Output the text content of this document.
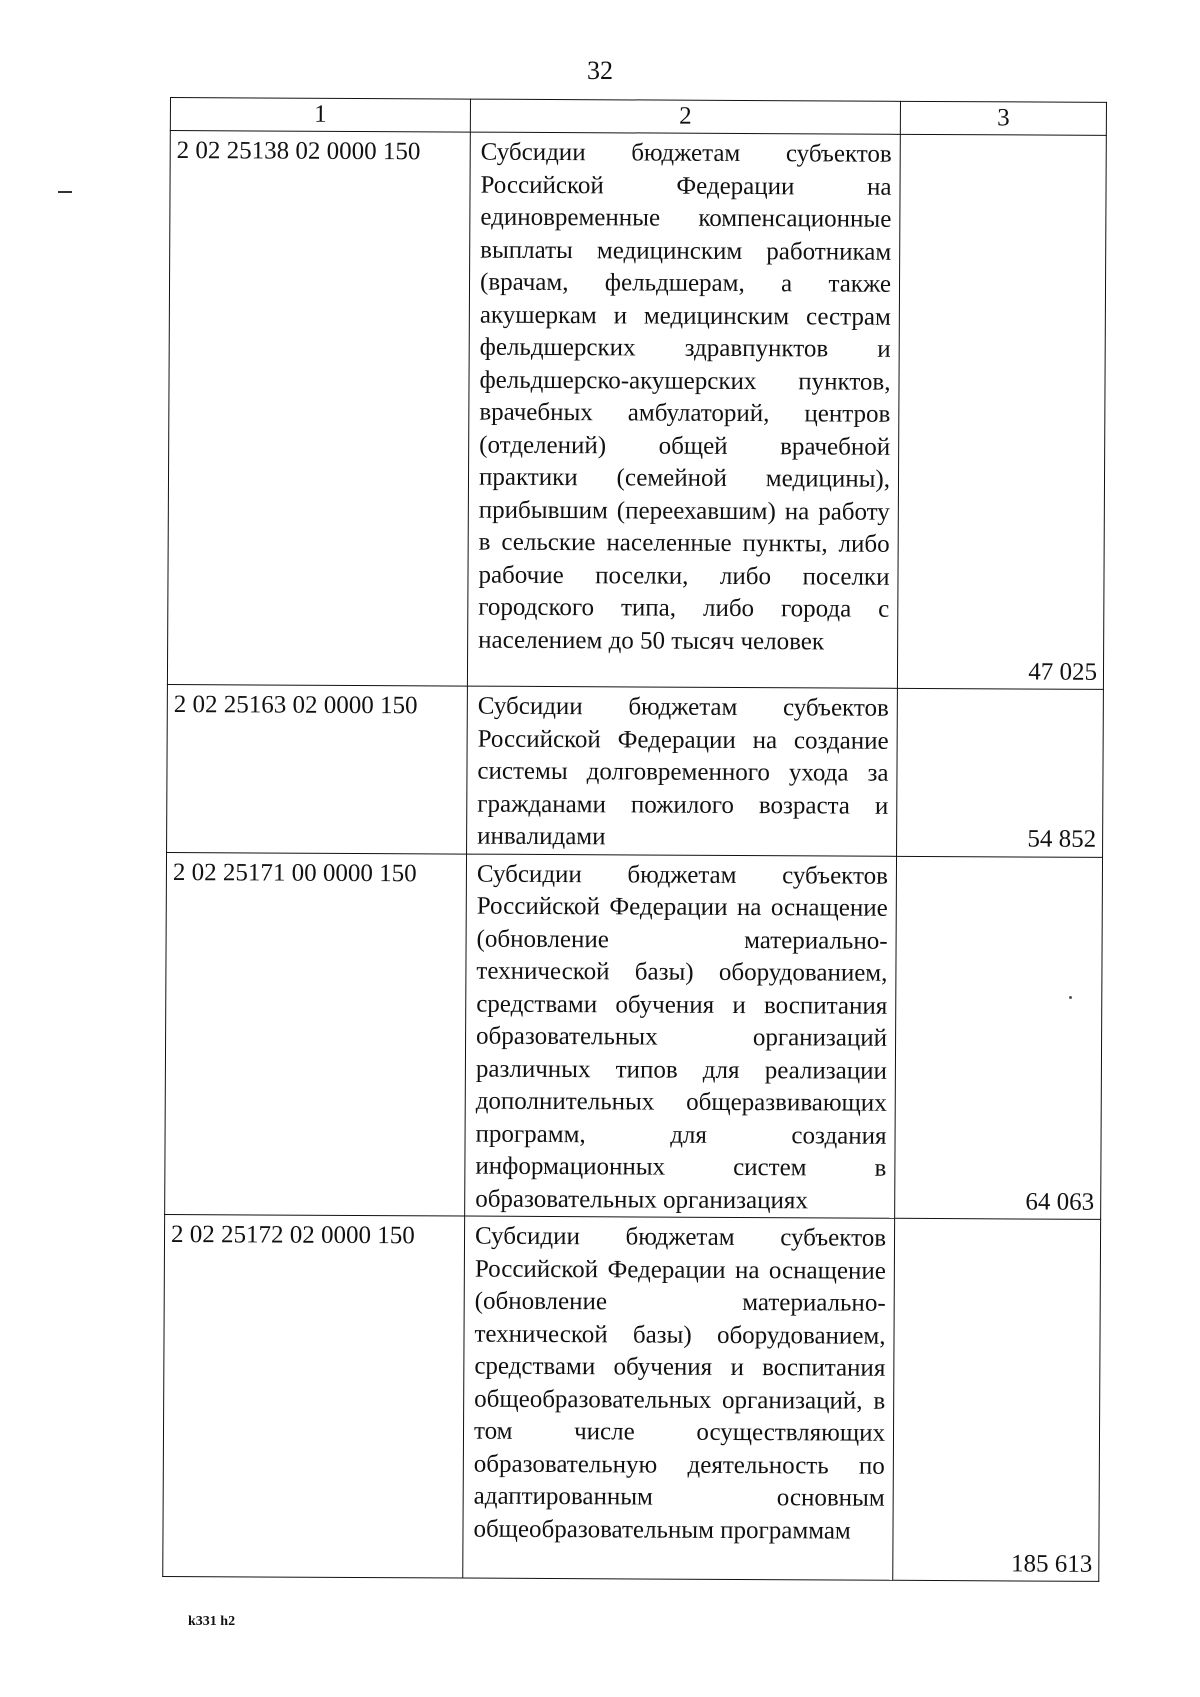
32
1	2	3
2 02 25138 02 0000 150	Субсидии бюджетам субъектов Российской Федерации на единовременные компенсационные выплаты медицинским работникам (врачам, фельдшерам, а также акушеркам и медицинским сестрам фельдшерских здравпунктов и фельдшерско-акушерских пунктов, врачебных амбулаторий, центров (отделений) общей врачебной практики (семейной медицины), прибывшим (переехавшим) на работу в сельские населенные пункты, либо рабочие поселки, либо поселки городского типа, либо города с населением до 50 тысяч человек	47 025
2 02 25163 02 0000 150	Субсидии бюджетам субъектов Российской Федерации на создание системы долговременного ухода за гражданами пожилого возраста и инвалидами	54 852
2 02 25171 00 0000 150	Субсидии бюджетам субъектов Российской Федерации на оснащение (обновление материально-технической базы) оборудованием, средствами обучения и воспитания образовательных организаций различных типов для реализации дополнительных общеразвивающих программ, для создания информационных систем в образовательных организациях	64 063
2 02 25172 02 0000 150	Субсидии бюджетам субъектов Российской Федерации на оснащение (обновление материально-технической базы) оборудованием, средствами обучения и воспитания общеобразовательных организаций, в том числе осуществляющих образовательную деятельность по адаптированным основным общеобразовательным программам	185 613
k331 h2
